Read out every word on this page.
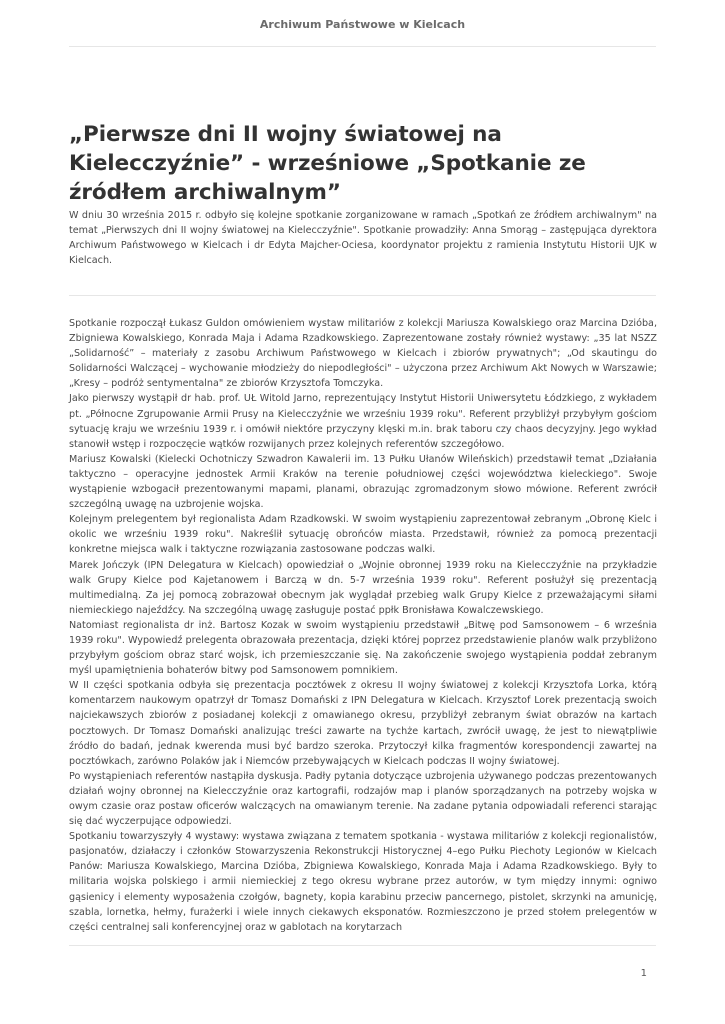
Archiwum Państwowe w Kielcach
„Pierwsze dni II wojny światowej na Kielecczyźnie” - wrześniowe „Spotkanie ze źródłem archiwalnym”

W dniu 30 września 2015 r. odbyło się kolejne spotkanie zorganizowane w ramach „Spotkań ze źródłem archiwalnym" na temat „Pierwszych dni II wojny światowej na Kielecczyźnie". Spotkanie prowadziły: Anna Smorąg – zastępująca dyrektora Archiwum Państwowego w Kielcach i dr Edyta Majcher-Ociesa, koordynator projektu z ramienia Instytutu Historii UJK w Kielcach.

Spotkanie rozpoczął Łukasz Guldon omówieniem wystaw militariów z kolekcji Mariusza Kowalskiego oraz Marcina Dzióba, Zbigniewa Kowalskiego, Konrada Maja i Adama Rzadkowskiego. Zaprezentowane zostały również wystawy: „35 lat NSZZ „Solidarność” – materiały z zasobu Archiwum Państwowego w Kielcach i zbiorów prywatnych"; „Od skautingu do Solidarności Walczącej – wychowanie młodzieży do niepodległości" – użyczona przez Archiwum Akt Nowych w Warszawie; „Kresy – podróż sentymentalna" ze zbiorów Krzysztofa Tomczyka.

Jako pierwszy wystąpił dr hab. prof. UŁ Witold Jarno, reprezentujący Instytut Historii Uniwersytetu Łódzkiego, z wykładem pt. „Północne Zgrupowanie Armii Prusy na Kielecczyźnie we wrześniu 1939 roku". Referent przybliżył przybyłym gościom sytuację kraju we wrześniu 1939 r. i omówił niektóre przyczyny klęski m.in. brak taboru czy chaos decyzyjny. Jego wykład stanowił wstęp i rozpoczęcie wątków rozwijanych przez kolejnych referentów szczegółowo.

Mariusz Kowalski (Kielecki Ochotniczy Szwadron Kawalerii im. 13 Pułku Ułanów Wileńskich) przedstawił temat „Działania taktyczno – operacyjne jednostek Armii Kraków na terenie południowej części województwa kieleckiego". Swoje wystąpienie wzbogacił prezentowanymi mapami, planami, obrazując zgromadzonym słowo mówione. Referent zwrócił szczególną uwagę na uzbrojenie wojska.

Kolejnym prelegentem był regionalista Adam Rzadkowski. W swoim wystąpieniu zaprezentował zebranym „Obronę Kielc i okolic we wrześniu 1939 roku". Nakreślił sytuację obrońców miasta. Przedstawił, również za pomocą prezentacji konkretne miejsca walk i taktyczne rozwiązania zastosowane podczas walki.

Marek Jończyk (IPN Delegatura w Kielcach) opowiedział o „Wojnie obronnej 1939 roku na Kielecczyźnie na przykładzie walk Grupy Kielce pod Kajetanowem i Barczą w dn. 5-7 września 1939 roku". Referent posłużył się prezentacją multimedialną. Za jej pomocą zobrazował obecnym jak wyglądał przebieg walk Grupy Kielce z przeważającymi siłami niemieckiego najeźdźcy. Na szczególną uwagę zasługuje postać ppłk Bronisława Kowalczewskiego.

Natomiast regionalista dr inż. Bartosz Kozak w swoim wystąpieniu przedstawił „Bitwę pod Samsonowem – 6 września 1939 roku". Wypowiedź prelegenta obrazowała prezentacja, dzięki której poprzez przedstawienie planów walk przybliżono przybyłym gościom obraz starć wojsk, ich przemieszczanie się. Na zakończenie swojego wystąpienia poddał zebranym myśl upamiętnienia bohaterów bitwy pod Samsonowem pomnikiem.

W II części spotkania odbyła się prezentacja pocztówek z okresu II wojny światowej z kolekcji Krzysztofa Lorka, którą komentarzem naukowym opatrzył dr Tomasz Domański z IPN Delegatura w Kielcach. Krzysztof Lorek prezentacją swoich najciekawszych zbiorów z posiadanej kolekcji z omawianego okresu, przybliżył zebranym świat obrazów na kartach pocztowych. Dr Tomasz Domański analizując treści zawarte na tychże kartach, zwrócił uwagę, że jest to niewątpliwie źródło do badań, jednak kwerenda musi być bardzo szeroka. Przytoczył kilka fragmentów korespondencji zawartej na pocztówkach, zarówno Polaków jak i Niemców przebywających w Kielcach podczas II wojny światowej.

Po wystąpieniach referentów nastąpiła dyskusja. Padły pytania dotyczące uzbrojenia używanego podczas prezentowanych działań wojny obronnej na Kielecczyźnie oraz kartografii, rodzajów map i planów sporządzanych na potrzeby wojska w owym czasie oraz postaw oficerów walczących na omawianym terenie. Na zadane pytania odpowiadali referenci starając się dać wyczerpujące odpowiedzi.

Spotkaniu towarzyszyły 4 wystawy: wystawa związana z tematem spotkania - wystawa militariów z kolekcji regionalistów, pasjonatów, działaczy i członków Stowarzyszenia Rekonstrukcji Historycznej 4–ego Pułku Piechoty Legionów w Kielcach Panów: Mariusza Kowalskiego, Marcina Dzióba, Zbigniewa Kowalskiego, Konrada Maja i Adama Rzadkowskiego. Były to militaria wojska polskiego i armii niemieckiej z tego okresu wybrane przez autorów, w tym między innymi: ogniwo gąsienicy i elementy wyposażenia czołgów, bagnety, kopia karabinu przeciw pancernego, pistolet, skrzynki na amunicję, szabla, lornetka, hełmy, furażerki i wiele innych ciekawych eksponatów. Rozmieszczono je przed stołem prelegentów w części centralnej sali konferencyjnej oraz w gablotach na korytarzach

1
